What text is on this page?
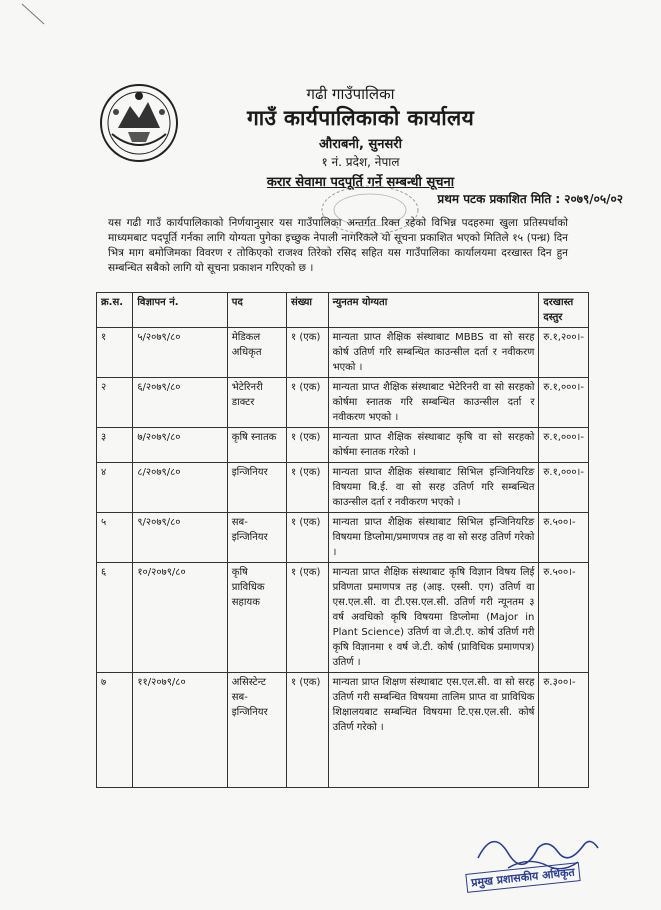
गढी गाउँपालिका
गाउँ कार्यपालिकाको कार्यालय
औराबनी, सुनसरी
१ नं. प्रदेश, नेपाल
करार सेवामा पदपूर्ति गर्ने सम्बन्धी सूचना
प्रथम पटक प्रकाशित मिति : २०७९/०५/०२
यस गढी गाउँ कार्यपालिकाको निर्णयानुसार यस गाउँपालिका अन्तर्गत रिक्त रहेको विभिन्न पदहरुमा खुला प्रतिस्पर्धाको माध्यमबाट पदपूर्ति गर्नका लागि योग्यता पुगेका इच्छुक नेपाली नागरिकले यो सूचना प्रकाशित भएको मितिले १५ (पन्ध्र) दिन भित्र माग बमोजिमका विवरण र तोकिएको राजश्व तिरेको रसिद सहित यस गाउँपालिका कार्यालयमा दरखास्त दिन हुन सम्बन्धित सबैको लागि यो सूचना प्रकाशन गरिएको छ ।
क्र.स.	विज्ञापन नं.	पद	संख्या	न्युनतम योग्यता	दरखास्त दस्तुर
१	५/२०७९/८०	मेडिकल अधिकृत	१ (एक)	मान्यता प्राप्त शैक्षिक संस्थाबाट MBBS वा सो सरह कोर्ष उतिर्ण गरि सम्बन्धित काउन्सील दर्ता र नवीकरण भएको ।	रु.१,२००।-
२	६/२०७९/८०	भेटेरिनरी डाक्टर	१ (एक)	मान्यता प्राप्त शैक्षिक संस्थाबाट भेटेरिनरी वा सो सरहको कोर्षमा स्नातक गरि सम्बन्धित काउन्सील दर्ता र नवीकरण भएको ।	रु.१,०००।-
३	७/२०७९/८०	कृषि स्नातक	१ (एक)	मान्यता प्राप्त शैक्षिक संस्थाबाट कृषि वा सो सरहको कोर्षमा स्नातक गरेको ।	रु.१,०००।-
४	८/२०७९/८०	इन्जिनियर	१ (एक)	मान्यता प्राप्त शैक्षिक संस्थाबाट सिभिल इन्जिनियरिङ विषयमा बि.ई. वा सो सरह उतिर्ण गरि सम्बन्धित काउन्सील दर्ता र नवीकरण भएको ।	रु.१,०००।-
५	९/२०७९/८०	सब-इन्जिनियर	१ (एक)	मान्यता प्राप्त शैक्षिक संस्थाबाट सिभिल इन्जिनियरिङ विषयमा डिप्लोमा/प्रमाणपत्र तह वा सो सरह उतिर्ण गरेको ।	रु.५००।-
६	१०/२०७९/८०	कृषि प्राविधिक सहायक	१ (एक)	मान्यता प्राप्त शैक्षिक संस्थाबाट कृषि विज्ञान विषय लिई प्रविणता प्रमाणपत्र तह (आइ. एस्सी. एग) उतिर्ण वा एस.एल.सी. वा टी.एस.एल.सी. उतिर्ण गरी न्यूनतम ३ वर्ष अवधिको कृषि विषयमा डिप्लोमा (Major in Plant Science) उतिर्ण वा जे.टी.ए. कोर्ष उतिर्ण गरी कृषि विज्ञानमा १ वर्ष जे.टी. कोर्ष (प्राविधिक प्रमाणपत्र) उतिर्ण ।	रु.५००।-
७	११/२०७९/८०	असिस्टेन्ट सब-इन्जिनियर	१ (एक)	मान्यता प्राप्त शिक्षण संस्थाबाट एस.एल.सी. वा सो सरह उतिर्ण गरी सम्बन्धित विषयमा तालिम प्राप्त वा प्राविधिक शिक्षालयबाट सम्बन्धित विषयमा टि.एस.एल.सी. कोर्ष उतिर्ण गरेको ।	रु.३००।-
प्रमुख प्रशासकीय अधिकृत
